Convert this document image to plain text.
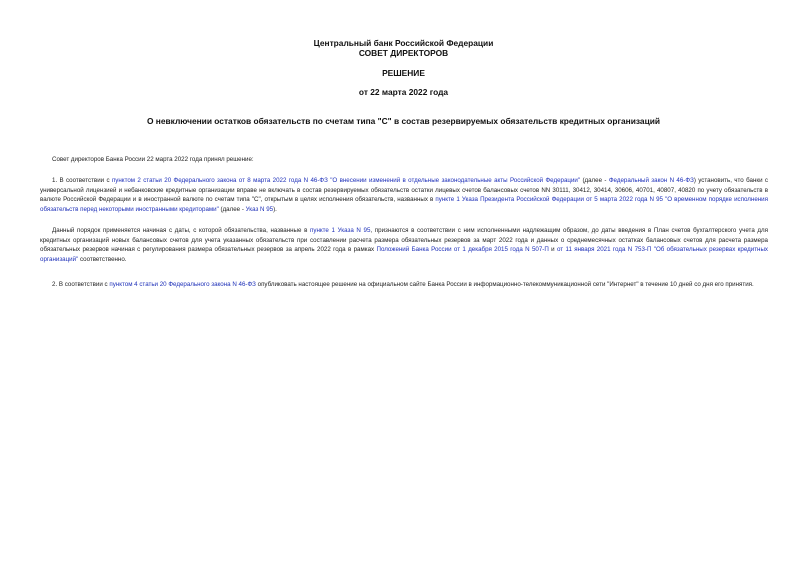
Центральный банк Российской Федерации
СОВЕТ ДИРЕКТОРОВ
РЕШЕНИЕ
от 22 марта 2022 года
О невключении остатков обязательств по счетам типа "С" в состав резервируемых обязательств кредитных организаций
Совет директоров Банка России 22 марта 2022 года принял решение:
1. В соответствии с пунктом 2 статьи 20 Федерального закона от 8 марта 2022 года N 46-ФЗ "О внесении изменений в отдельные законодательные акты Российской Федерации" (далее - Федеральный закон N 46-ФЗ) установить, что банки с универсальной лицензией и небанковские кредитные организации вправе не включать в состав резервируемых обязательств остатки лицевых счетов балансовых счетов NN 30111, 30412, 30414, 30606, 40701, 40807, 40820 по учету обязательств в валюте Российской Федерации и в иностранной валюте по счетам типа "С", открытым в целях исполнения обязательств, названных в пункте 1 Указа Президента Российской Федерации от 5 марта 2022 года N 95 "О временном порядке исполнения обязательств перед некоторыми иностранными кредиторами" (далее - Указ N 95).
Данный порядок применяется начиная с даты, с которой обязательства, названные в пункте 1 Указа N 95, признаются в соответствии с ним исполненными надлежащим образом, до даты введения в План счетов бухгалтерского учета для кредитных организаций новых балансовых счетов для учета указанных обязательств при составлении расчета размера обязательных резервов за март 2022 года и данных о среднемесячных остатках балансовых счетов для расчета размера обязательных резервов начиная с регулирования размера обязательных резервов за апрель 2022 года в рамках Положений Банка России от 1 декабря 2015 года N 507-П и от 11 января 2021 года N 753-П "Об обязательных резервах кредитных организаций" соответственно.
2. В соответствии с пунктом 4 статьи 20 Федерального закона N 46-ФЗ опубликовать настоящее решение на официальном сайте Банка России в информационно-телекоммуникационной сети "Интернет" в течение 10 дней со дня его принятия.
